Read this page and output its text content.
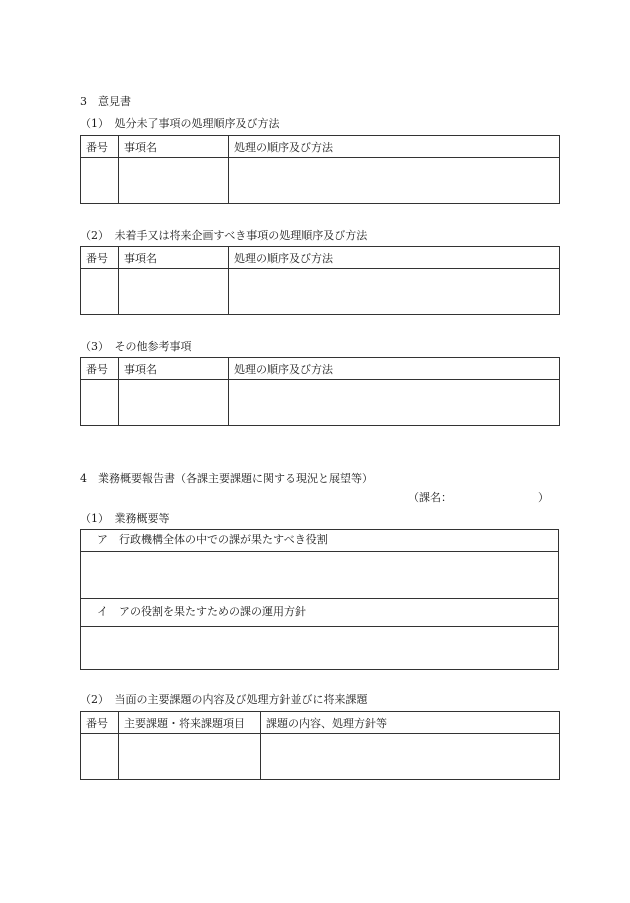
3　意見書
（1）　処分未了事項の処理順序及び方法
番号	事項名	処理の順序及び方法

（2）　未着手又は将来企画すべき事項の処理順序及び方法
番号	事項名	処理の順序及び方法

（3）　その他参考事項
番号	事項名	処理の順序及び方法

4　業務概要報告書（各課主要課題に関する現況と展望等）
（課名：	）
（1）　業務概要等
ア　行政機構全体の中での課が果たすべき役割
イ　アの役割を果たすための課の運用方針
（2）　当面の主要課題の内容及び処理方針並びに将来課題
番号	主要課題・将来課題項目	課題の内容、処理方針等
